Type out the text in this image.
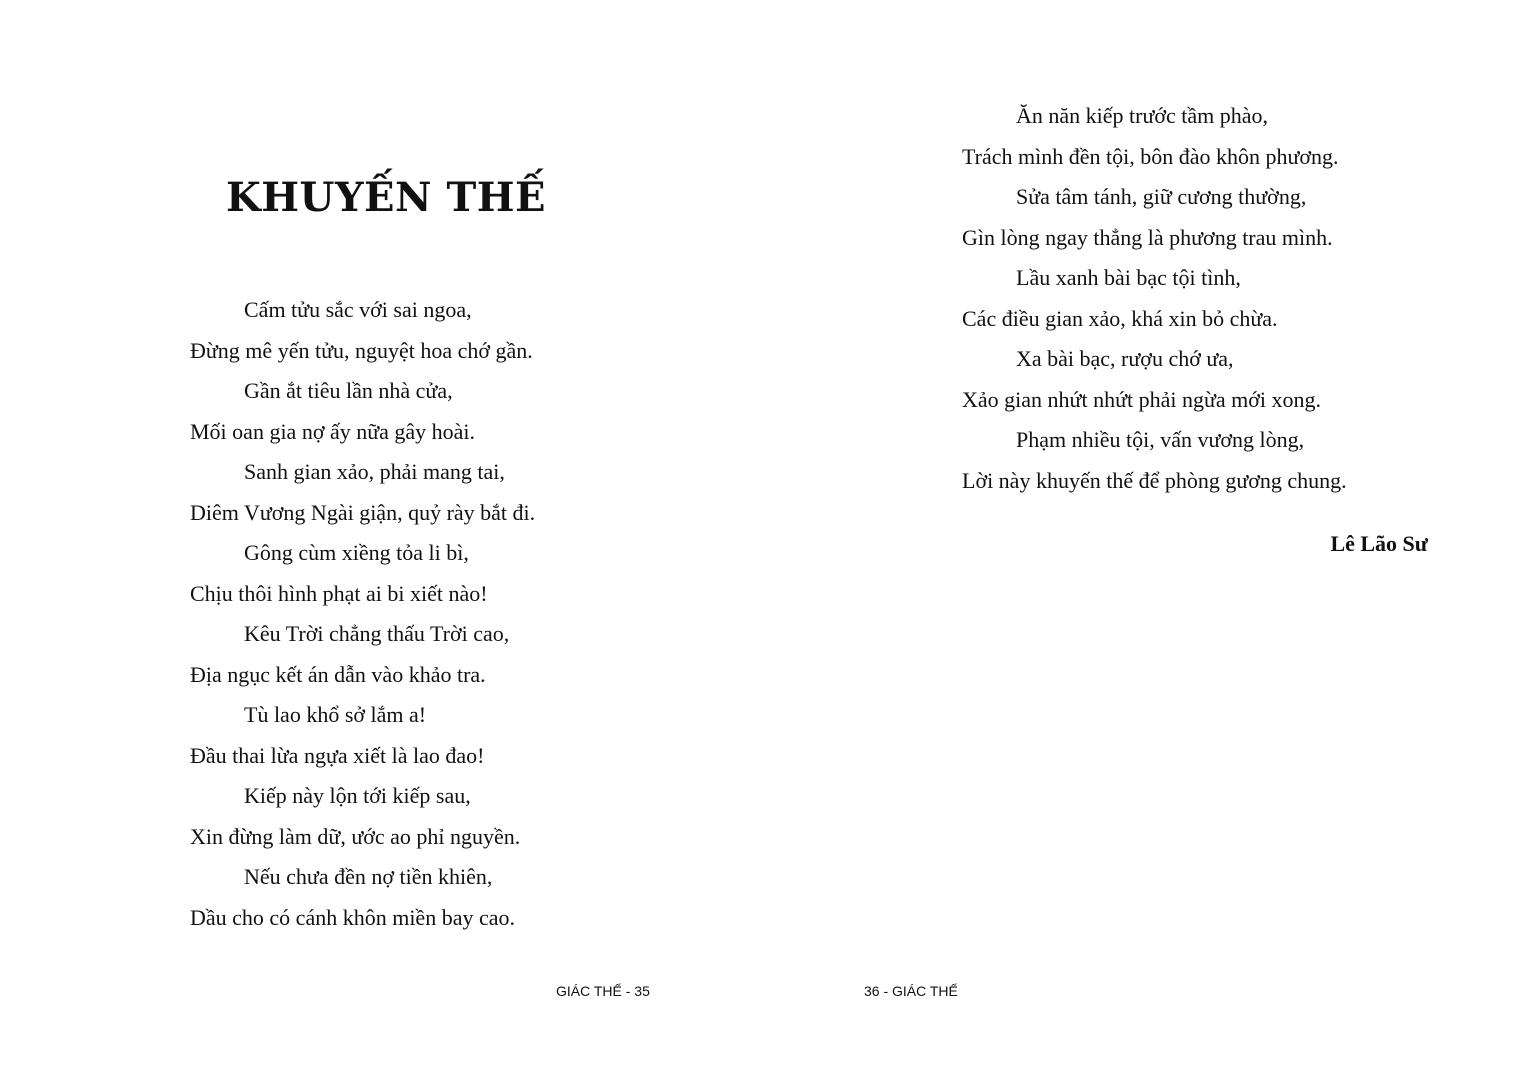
KHUYẾN THẾ
Cấm tửu sắc với sai ngoa,
Đừng mê yến tửu, nguyệt hoa chớ gần.
Gần ắt tiêu lần nhà cửa,
Mối oan gia nợ ấy nữa gây hoài.
Sanh gian xảo, phải mang tai,
Diêm Vương Ngài giận, quỷ rày bắt đi.
Gông cùm xiềng tỏa li bì,
Chịu thôi hình phạt ai bi xiết nào!
Kêu Trời chẳng thấu Trời cao,
Địa ngục kết án dẫn vào khảo tra.
Tù lao khổ sở lắm a!
Đầu thai lừa ngựa xiết là lao đao!
Kiếp này lộn tới kiếp sau,
Xin đừng làm dữ, ước ao phỉ nguyền.
Nếu chưa đền nợ tiền khiên,
Dầu cho có cánh khôn miền bay cao.
GIÁC THẾ - 35
Ăn năn kiếp trước tầm phào,
Trách mình đền tội, bôn đào khôn phương.
Sửa tâm tánh, giữ cương thường,
Gìn lòng ngay thẳng là phương trau mình.
Lầu xanh bài bạc tội tình,
Các điều gian xảo, khá xin bỏ chừa.
Xa bài bạc, rượu chớ ưa,
Xảo gian nhứt nhứt phải ngừa mới xong.
Phạm nhiều tội, vấn vương lòng,
Lời này khuyến thế để phòng gương chung.
Lê Lão Sư
36 - GIÁC THẾ
